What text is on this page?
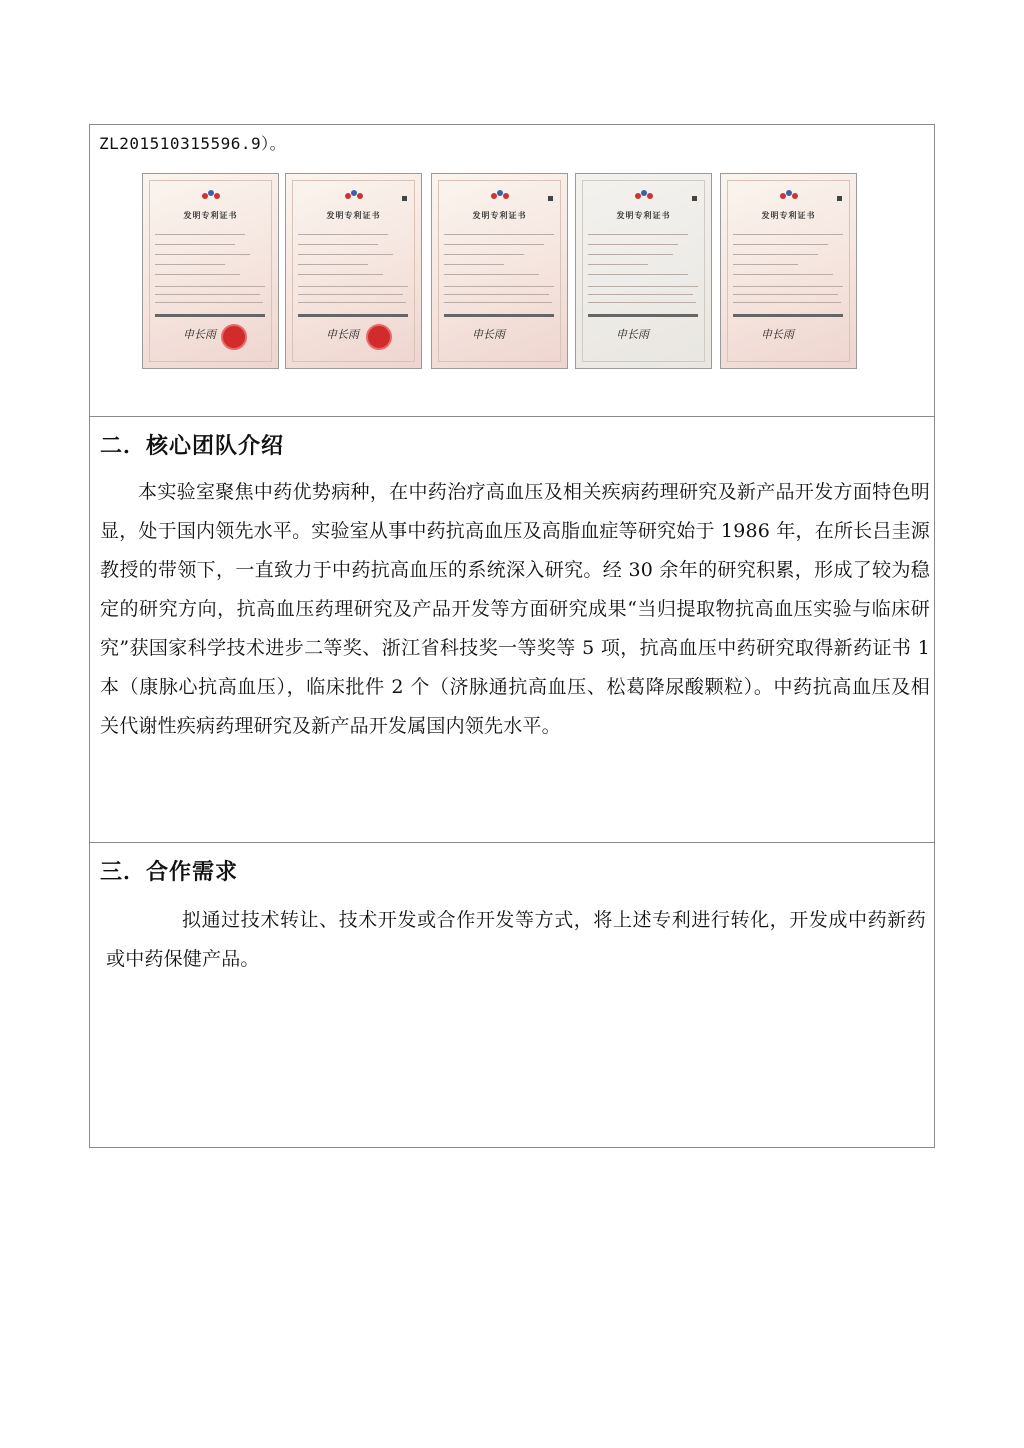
ZL201510315596.9）。
发明专利证书
申长雨
发明专利证书
申长雨
发明专利证书
申长雨
发明专利证书
申长雨
发明专利证书
申长雨
二．核心团队介绍

本实验室聚焦中药优势病种，在中药治疗高血压及相关疾病药理研究及新产品开发方面特色明显，处于国内领先水平。实验室从事中药抗高血压及高脂血症等研究始于 1986 年，在所长吕圭源教授的带领下，一直致力于中药抗高血压的系统深入研究。经 30 余年的研究积累，形成了较为稳定的研究方向，抗高血压药理研究及产品开发等方面研究成果“当归提取物抗高血压实验与临床研究”获国家科学技术进步二等奖、浙江省科技奖一等奖等 5 项，抗高血压中药研究取得新药证书 1 本（康脉心抗高血压），临床批件 2 个（济脉通抗高血压、松葛降尿酸颗粒）。中药抗高血压及相关代谢性疾病药理研究及新产品开发属国内领先水平。

三．合作需求

拟通过技术转让、技术开发或合作开发等方式，将上述专利进行转化，开发成中药新药或中药保健产品。
